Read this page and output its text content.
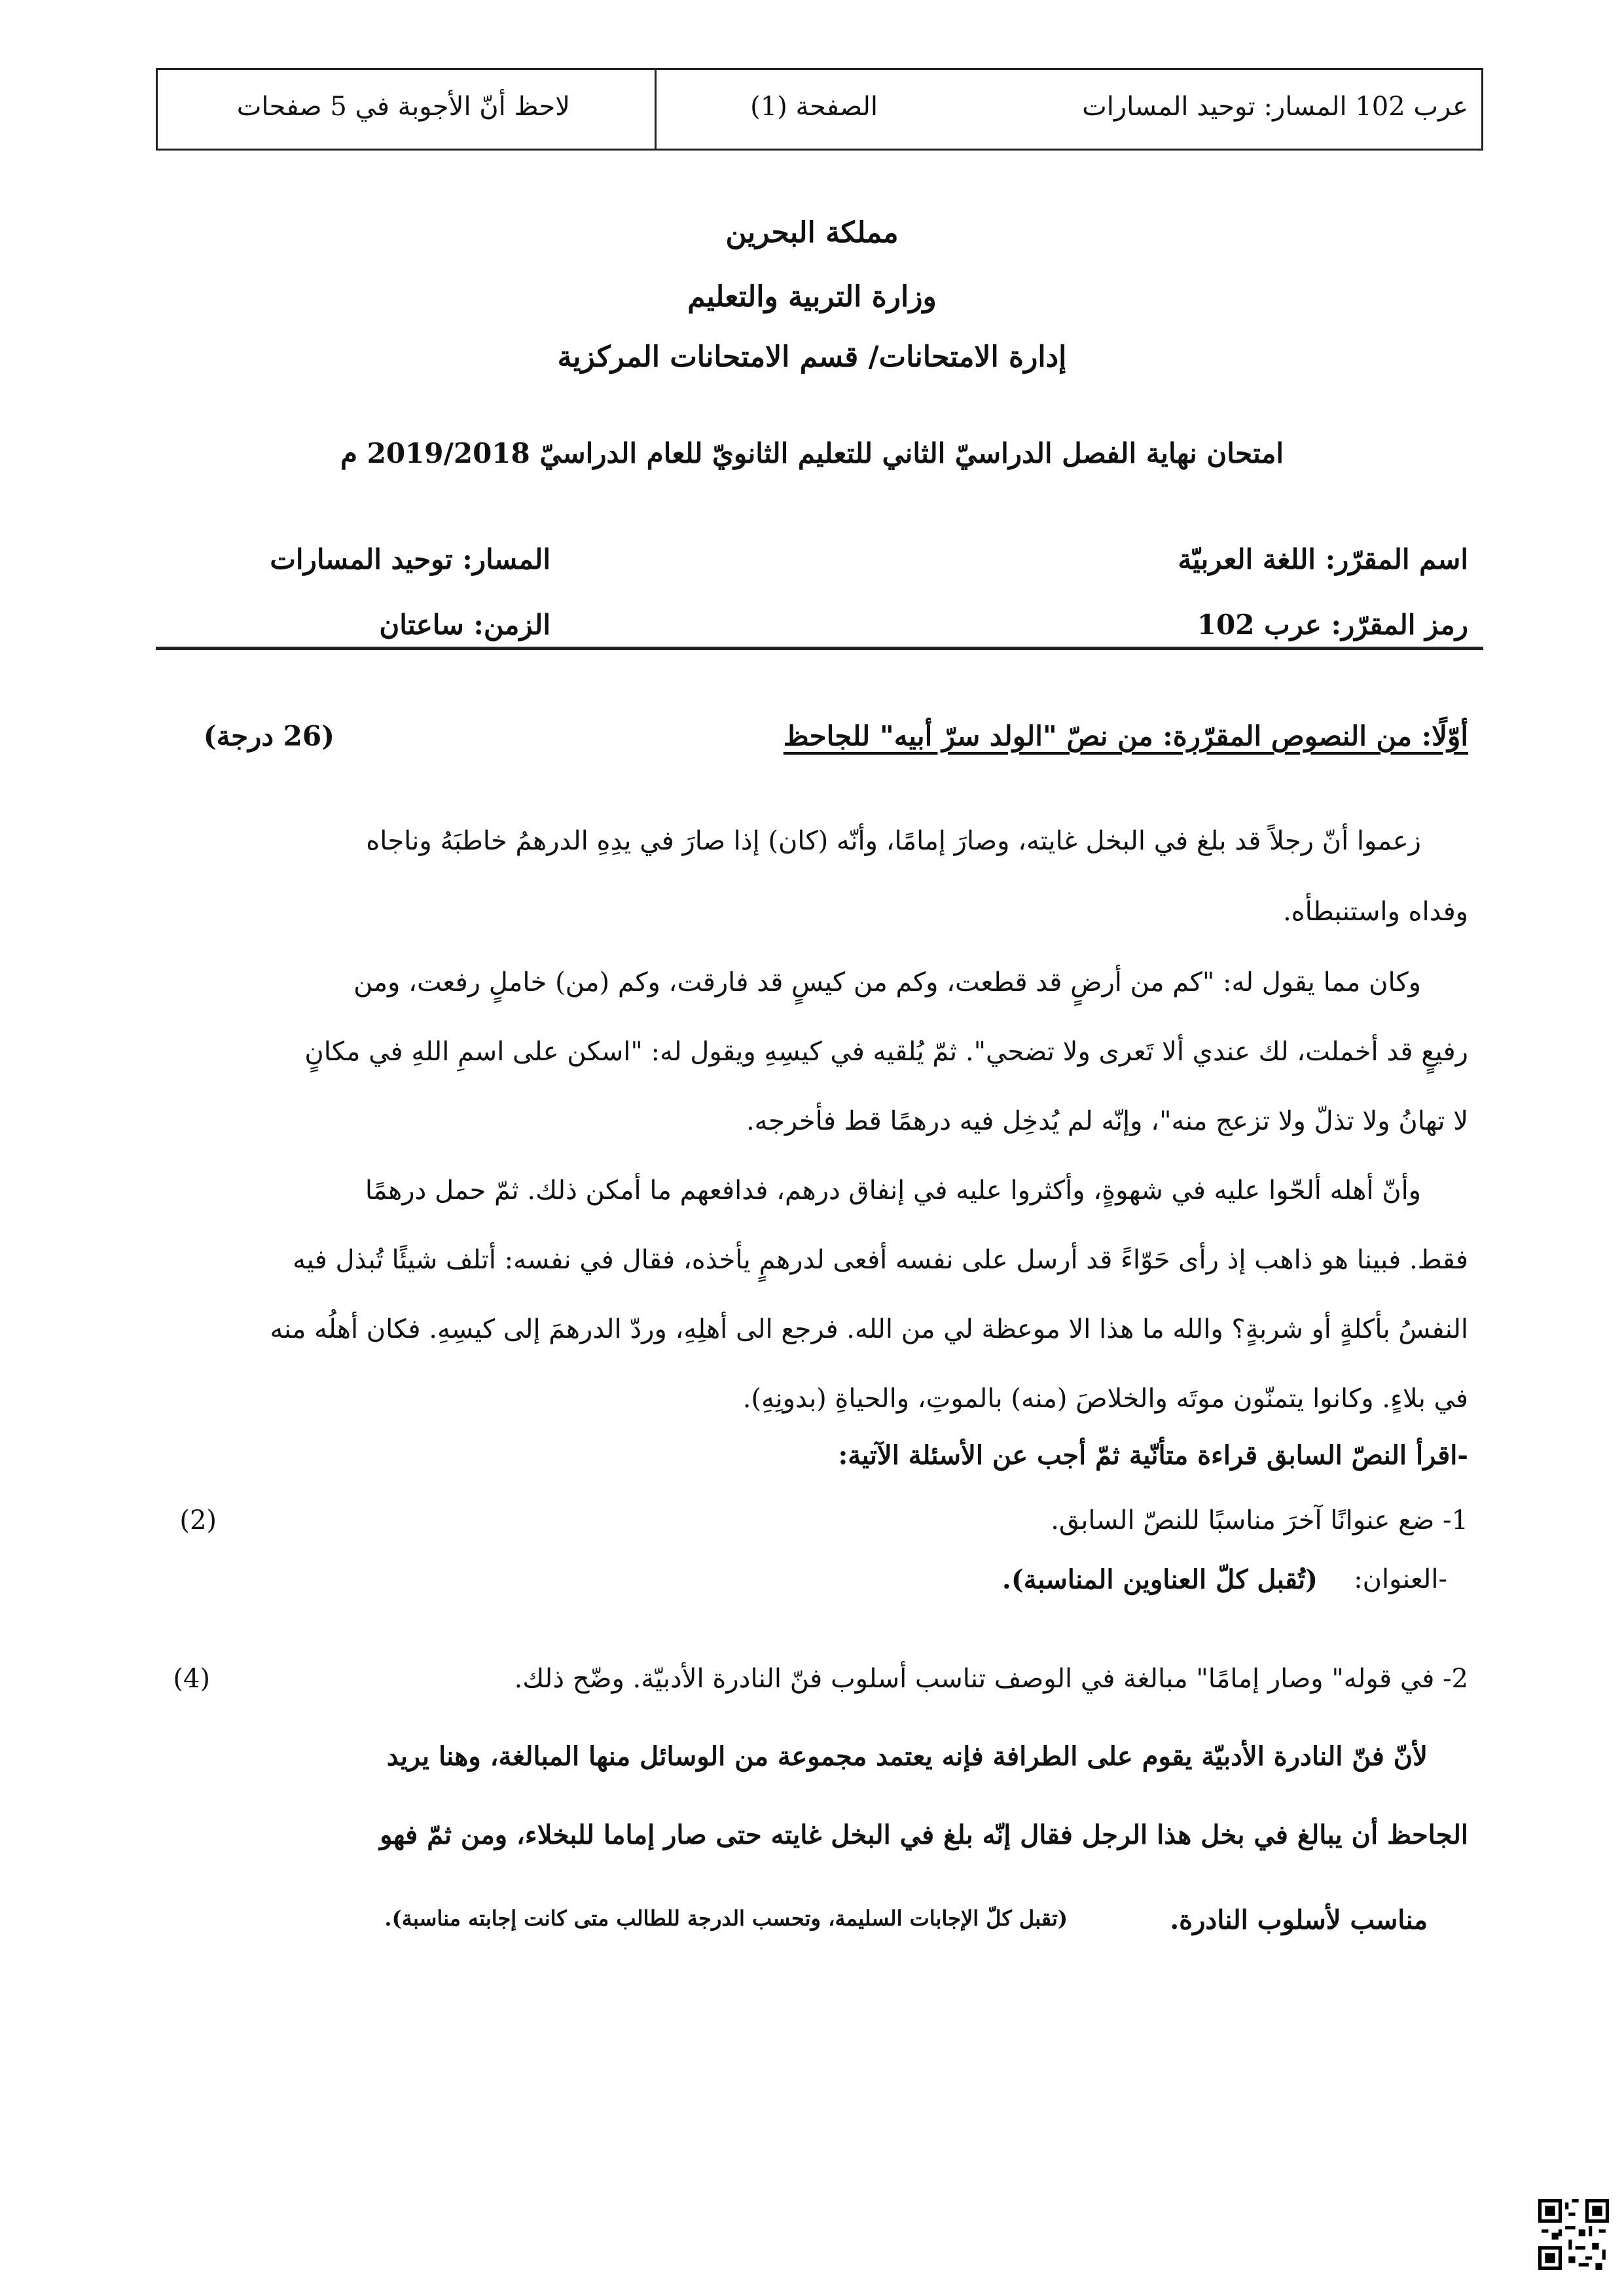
عرب 102 المسار: توحيد المسارات
الصفحة (1)
لاحظ أنّ الأجوبة في 5 صفحات
مملكة البحرين
وزارة التربية والتعليم
إدارة الامتحانات/ قسم الامتحانات المركزية
امتحان نهاية الفصل الدراسيّ الثاني للتعليم الثانويّ للعام الدراسيّ 2019/2018 م
اسم المقرّر: اللغة العربيّة
المسار: توحيد المسارات
رمز المقرّر: عرب 102
الزمن: ساعتان
أوّلًا: من النصوص المقرّرة: من نصّ "الولد سرّ أبيه" للجاحظ
(26 درجة)
زعموا أنّ رجلاً قد بلغ في البخل غايته، وصارَ إمامًا، وأنّه (كان) إذا صارَ في يدِهِ الدرهمُ خاطبَهُ وناجاه
وفداه واستنبطأه.
وكان مما يقول له: "كم من أرضٍ قد قطعت، وكم من كيسٍ قد فارقت، وكم (من) خاملٍ رفعت، ومن
رفيعٍ قد أخملت، لك عندي ألا تَعرى ولا تضحي". ثمّ يُلقيه في كيسِهِ ويقول له: "اسكن على اسمِ اللهِ في مكانٍ
لا تهانُ ولا تذلّ ولا تزعج منه"، وإنّه لم يُدخِل فيه درهمًا قط فأخرجه.
وأنّ أهله ألحّوا عليه في شهوةٍ، وأكثروا عليه في إنفاق درهم، فدافعهم ما أمكن ذلك. ثمّ حمل درهمًا
فقط. فبينا هو ذاهب إذ رأى حَوّاءً قد أرسل على نفسه أفعى لدرهمٍ يأخذه، فقال في نفسه: أتلف شيئًا تُبذل فيه
النفسُ بأكلةٍ أو شربةٍ؟ والله ما هذا الا موعظة لي من الله. فرجع الى أهلِهِ، وردّ الدرهمَ إلى كيسِهِ. فكان أهلُه منه
في بلاءٍ. وكانوا يتمنّون موتَه والخلاصَ (منه) بالموتِ، والحياةِ (بدونِهِ).
-اقرأ النصّ السابق قراءة متأنّية ثمّ أجب عن الأسئلة الآتية:
1- ضع عنوانًا آخرَ مناسبًا للنصّ السابق.
(2)
-العنوان:
(تُقبل كلّ العناوين المناسبة).
2- في قوله" وصار إمامًا" مبالغة في الوصف تناسب أسلوب فنّ النادرة الأدبيّة. وضّح ذلك.
(4)
لأنّ فنّ النادرة الأدبيّة يقوم على الطرافة فإنه يعتمد مجموعة من الوسائل منها المبالغة، وهنا يريد
الجاحظ أن يبالغ في بخل هذا الرجل فقال إنّه بلغ في البخل غايته حتى صار إماما للبخلاء، ومن ثمّ فهو
مناسب لأسلوب النادرة.
(تقبل كلّ الإجابات السليمة، وتحسب الدرجة للطالب متى كانت إجابته مناسبة).
